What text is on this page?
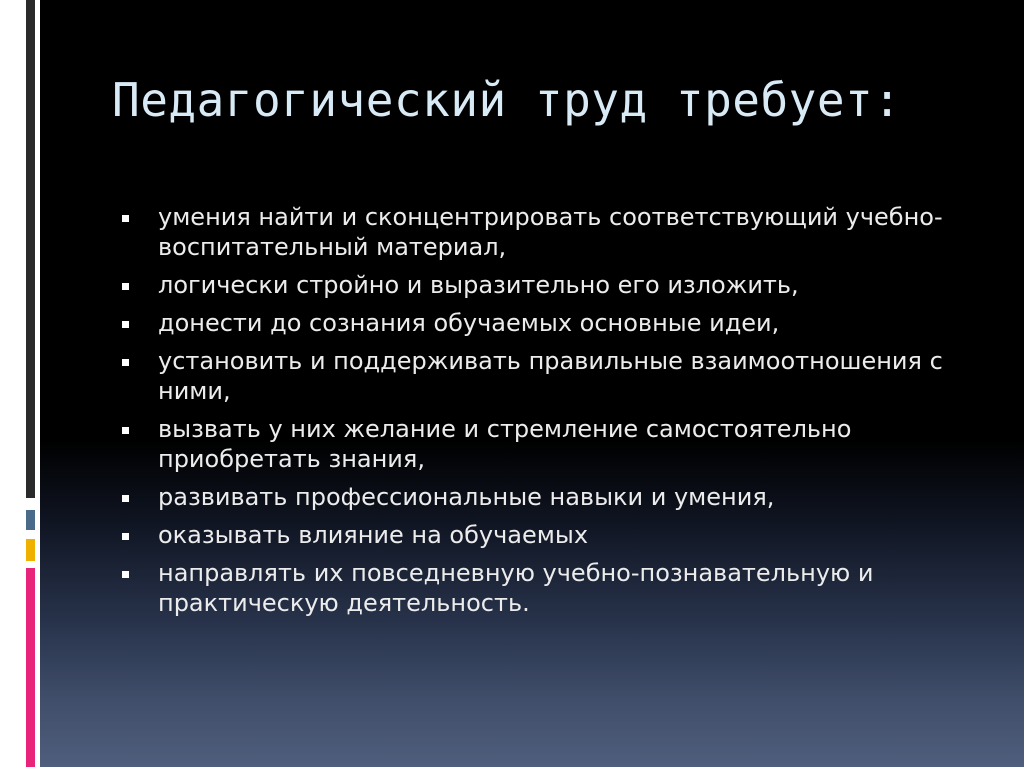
Педагогический труд требует:
умения найти и сконцентрировать соответствующий учебно-воспитательный материал,
логически стройно и выразительно его изложить,
донести до сознания обучаемых основные идеи,
установить и поддерживать правильные взаимоотношения с ними,
вызвать у них желание и стремление самостоятельно приобретать знания,
развивать профессиональные навыки и умения,
оказывать влияние на обучаемых
направлять их повседневную учебно-познавательную и практическую деятельность.
